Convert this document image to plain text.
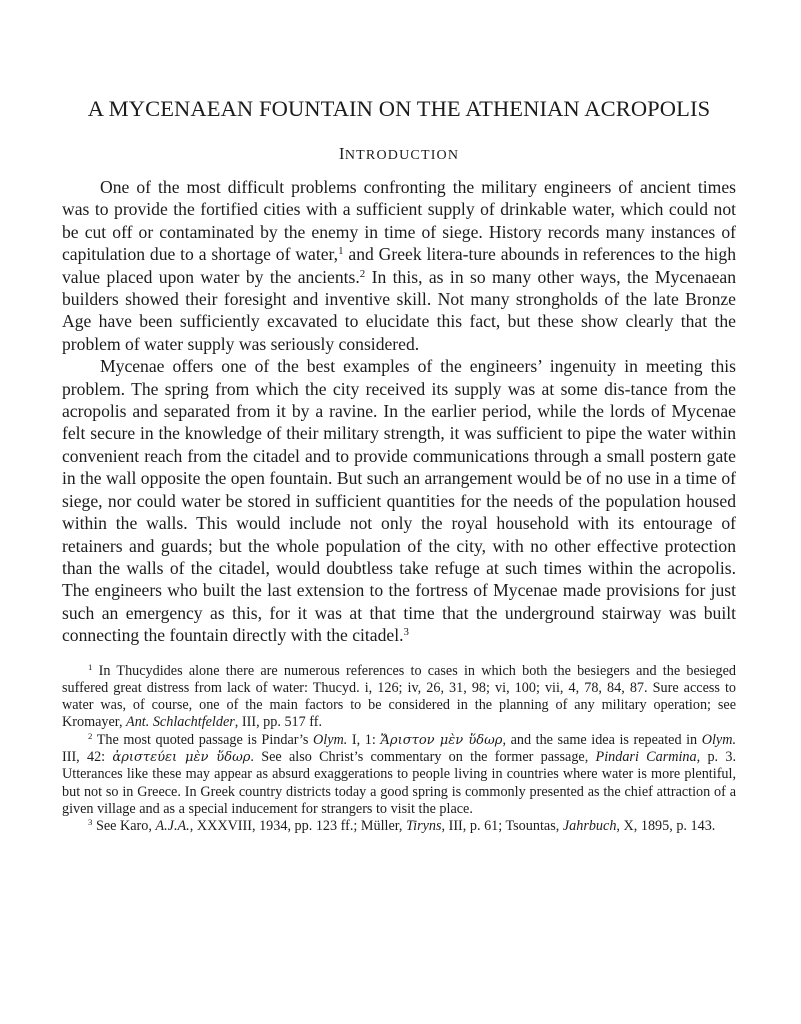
A MYCENAEAN FOUNTAIN ON THE ATHENIAN ACROPOLIS
INTRODUCTION

One of the most difficult problems confronting the military engineers of ancient times was to provide the fortified cities with a sufficient supply of drinkable water, which could not be cut off or contaminated by the enemy in time of siege. History records many instances of capitulation due to a shortage of water,$^1$ and Greek litera-ture abounds in references to the high value placed upon water by the ancients.$^2$ In this, as in so many other ways, the Mycenaean builders showed their foresight and inventive skill. Not many strongholds of the late Bronze Age have been sufficiently excavated to elucidate this fact, but these show clearly that the problem of water supply was seriously considered.

Mycenae offers one of the best examples of the engineers’ ingenuity in meeting this problem. The spring from which the city received its supply was at some dis-tance from the acropolis and separated from it by a ravine. In the earlier period, while the lords of Mycenae felt secure in the knowledge of their military strength, it was sufficient to pipe the water within convenient reach from the citadel and to provide communications through a small postern gate in the wall opposite the open fountain. But such an arrangement would be of no use in a time of siege, nor could water be stored in sufficient quantities for the needs of the population housed within the walls. This would include not only the royal household with its entourage of retainers and guards; but the whole population of the city, with no other effective protection than the walls of the citadel, would doubtless take refuge at such times within the acropolis. The engineers who built the last extension to the fortress of Mycenae made provisions for just such an emergency as this, for it was at that time that the underground stairway was built connecting the fountain directly with the citadel.$^3$

$^1$ In Thucydides alone there are numerous references to cases in which both the besiegers and the besieged suffered great distress from lack of water: Thucyd. i, 126; iv, 26, 31, 98; vi, 100; vii, 4, 78, 84, 87. Sure access to water was, of course, one of the main factors to be considered in the planning of any military operation; see Kromayer, Ant. Schlachtfelder, III, pp. 517 ff.

$^2$ The most quoted passage is Pindar’s Olym. I, 1: Ἄριστον μὲν ὕδωρ, and the same idea is repeated in Olym. III, 42: ἀριστεύει μὲν ὕδωρ. See also Christ’s commentary on the former passage, Pindari Carmina, p. 3. Utterances like these may appear as absurd exaggerations to people living in countries where water is more plentiful, but not so in Greece. In Greek country districts today a good spring is commonly presented as the chief attraction of a given village and as a special inducement for strangers to visit the place.

$^3$ See Karo, A.J.A., XXXVIII, 1934, pp. 123 ff.; Müller, Tiryns, III, p. 61; Tsountas, Jahrbuch, X, 1895, p. 143.
